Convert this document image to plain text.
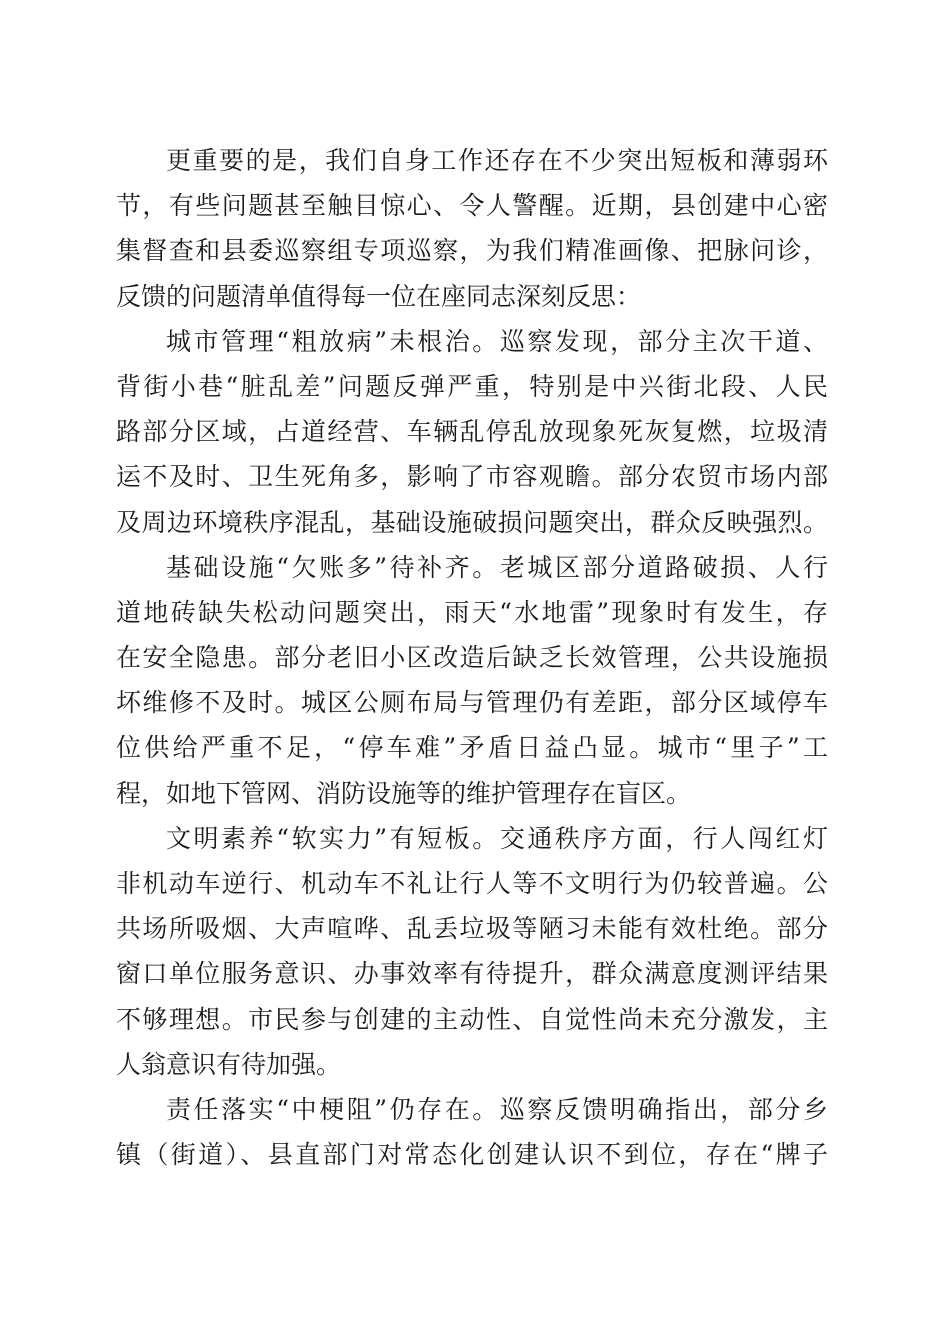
更重要的是，我们自身工作还存在不少突出短板和薄弱环
节，有些问题甚至触目惊心、令人警醒。近期，县创建中心密
集督查和县委巡察组专项巡察，为我们精准画像、把脉问诊，
反馈的问题清单值得每一位在座同志深刻反思：
城市管理“粗放病”未根治。巡察发现，部分主次干道、
背街小巷“脏乱差”问题反弹严重，特别是中兴街北段、人民
路部分区域，占道经营、车辆乱停乱放现象死灰复燃，垃圾清
运不及时、卫生死角多，影响了市容观瞻。部分农贸市场内部
及周边环境秩序混乱，基础设施破损问题突出，群众反映强烈。
基础设施“欠账多”待补齐。老城区部分道路破损、人行
道地砖缺失松动问题突出，雨天“水地雷”现象时有发生，存
在安全隐患。部分老旧小区改造后缺乏长效管理，公共设施损
坏维修不及时。城区公厕布局与管理仍有差距，部分区域停车
位供给严重不足，“停车难”矛盾日益凸显。城市“里子”工
程，如地下管网、消防设施等的维护管理存在盲区。
文明素养“软实力”有短板。交通秩序方面，行人闯红灯
非机动车逆行、机动车不礼让行人等不文明行为仍较普遍。公
共场所吸烟、大声喧哗、乱丢垃圾等陋习未能有效杜绝。部分
窗口单位服务意识、办事效率有待提升，群众满意度测评结果
不够理想。市民参与创建的主动性、自觉性尚未充分激发，主
人翁意识有待加强。
责任落实“中梗阻”仍存在。巡察反馈明确指出，部分乡
镇（街道）、县直部门对常态化创建认识不到位，存在“牌子
